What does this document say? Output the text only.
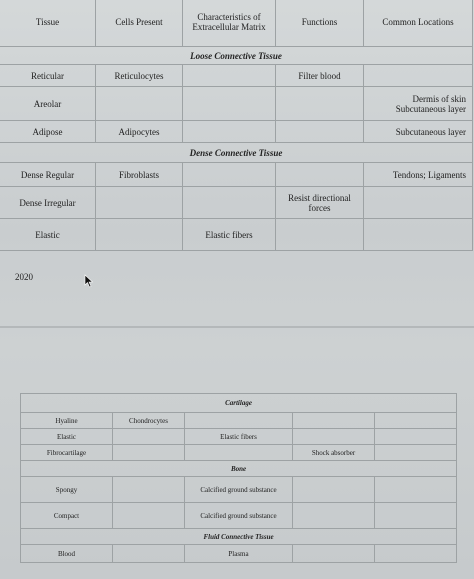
Tissue	Cells Present	Characteristics of Extracellular Matrix	Functions	Common Locations
Loose Connective Tissue				
Reticular	Reticulocytes		Filter blood	
Areolar				Dermis of skin Subcutaneous layer
Adipose	Adipocytes			Subcutaneous layer
Dense Connective Tissue				
Dense Regular	Fibroblasts			Tendons; Ligaments
Dense Irregular			Resist directional forces	
Elastic		Elastic fibers		
2020
Cartilage				
Hyaline	Chondrocytes			
Elastic		Elastic fibers		
Fibrocartilage			Shock absorber	
Bone				
Spongy		Calcified ground substance		
Compact		Calcified ground substance		
Fluid Connective Tissue				
Blood		Plasma		
